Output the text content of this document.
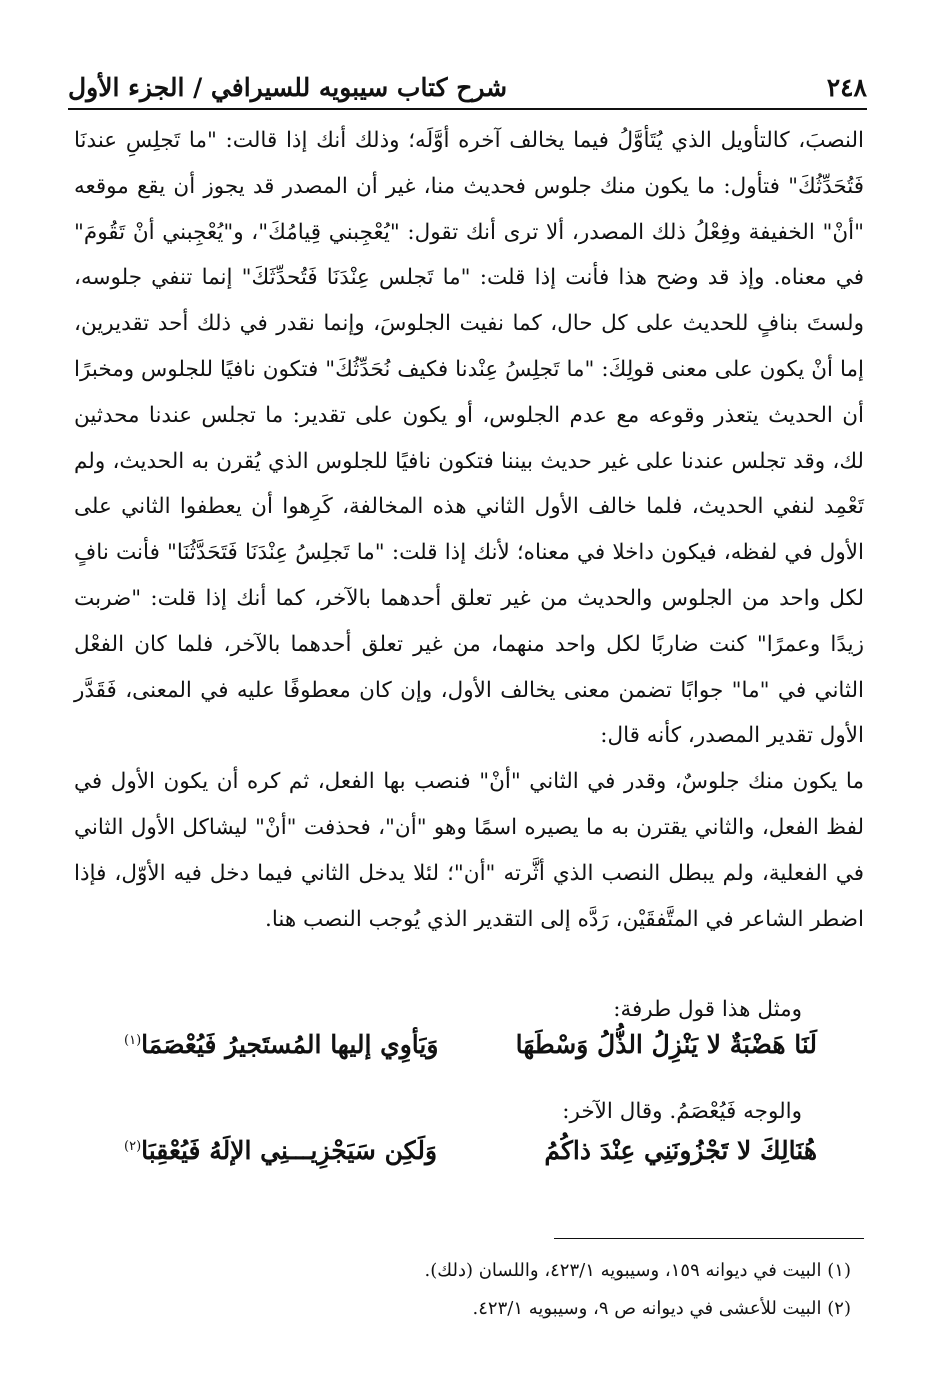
٢٤٨
شرح كتاب سيبويه للسيرافي / الجزء الأول

النصبَ، كالتأويل الذي يُتَأوَّلُ فيما يخالف آخره أوَّلَه؛ وذلك أنك إذا قالت: "ما تَجلِسِ عندنَا فَتُحَدِّثُكَ" فتأول: ما يكون منك جلوس فحديث منا، غير أن المصدر قد يجوز أن يقع موقعه "أنْ" الخفيفة وفِعْلُ ذلك المصدر، ألا ترى أنك تقول: "يُعْجِبني قِيامُكَ"، و"يُعْجِبني أنْ تَقُومَ" في معناه. وإذ قد وضح هذا فأنت إذا قلت: "ما تَجلس عِنْدَنَا فَتُحدِّثَكَ" إنما تنفي جلوسه، ولستَ بنافٍ للحديث على كل حال، كما نفيت الجلوسَ، وإنما نقدر في ذلك أحد تقديرين، إما أنْ يكون على معنى قولِكَ: "ما تَجلِسُ عِنْدنا فكيف نُحَدِّثُكَ" فتكون نافيًا للجلوس ومخبرًا أن الحديث يتعذر وقوعه مع عدم الجلوس، أو يكون على تقدير: ما تجلس عندنا محدثين لك، وقد تجلس عندنا على غير حديث بيننا فتكون نافيًا للجلوس الذي يُقرن به الحديث، ولم تَعْمِد لنفي الحديث، فلما خالف الأول الثاني هذه المخالفة، كَرِهوا أن يعطفوا الثاني على الأول في لفظه، فيكون داخلا في معناه؛ لأنك إذا قلت: "ما تَجلِسُ عِنْدَنَا فَتَحَدَّثُنَا" فأنت نافٍ لكل واحد من الجلوس والحديث من غير تعلق أحدهما بالآخر، كما أنك إذا قلت: "ضربت زيدًا وعمرًا" كنت ضاربًا لكل واحد منهما، من غير تعلق أحدهما بالآخر، فلما كان الفعْل الثاني في "ما" جوابًا تضمن معنى يخالف الأول، وإن كان معطوفًا عليه في المعنى، فَقَدَّر الأول تقدير المصدر، كأنه قال:

ما يكون منك جلوسٌ، وقدر في الثاني "أنْ" فنصب بها الفعل، ثم كره أن يكون الأول في لفظ الفعل، والثاني يقترن به ما يصيره اسمًا وهو "أن"، فحذفت "أنْ" ليشاكل الأول الثاني في الفعلية، ولم يبطل النصب الذي أثَّرته "أن"؛ لئلا يدخل الثاني فيما دخل فيه الأوّل، فإذا اضطر الشاعر في المتَّفقَيْن، رَدَّه إلى التقدير الذي يُوجب النصب هنا.

ومثل هذا قول طرفة:
لَنَا هَضْبَةٌ لا يَنْزِلُ الذُّلُ وَسْطَهَا
وَيَأوِي إليها المُستَجيرُ فَيُعْصَمَا$^{(١)}$
والوجه فَيُعْصَمُ. وقال الآخر:
هُنَالِكَ لا تَجْزُونَنِي عِنْدَ ذاكُمُ
وَلَكِن سَيَجْزِيـــنِي الإلَهُ فَيُعْقِبَا$^{(٢)}$
(١) البيت في ديوانه ١٥٩، وسيبويه ٤٢٣/١، واللسان (دلك).
(٢) البيت للأعشى في ديوانه ص ٩، وسيبويه ٤٢٣/١.
